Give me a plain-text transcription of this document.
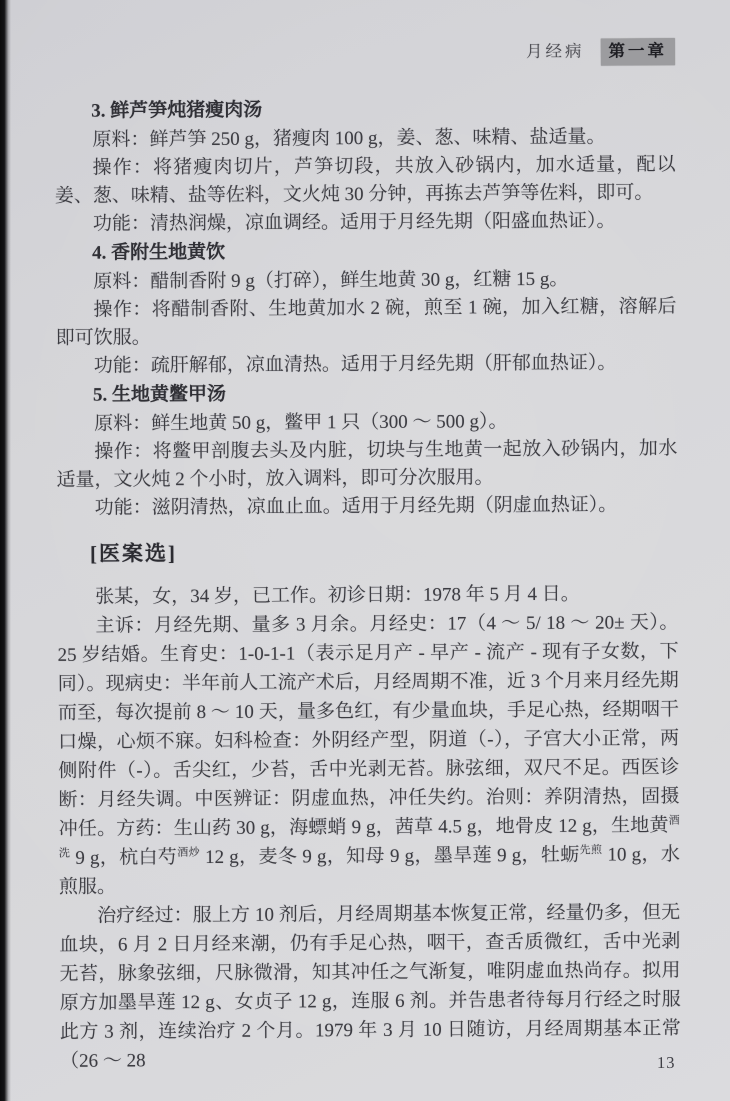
月经病 第一章
3. 鲜芦笋炖猪瘦肉汤

原料：鲜芦笋 250 g，猪瘦肉 100 g，姜、葱、味精、盐适量。

操作：将猪瘦肉切片，芦笋切段，共放入砂锅内，加水适量，配以姜、葱、味精、盐等佐料，文火炖 30 分钟，再拣去芦笋等佐料，即可。

功能：清热润燥，凉血调经。适用于月经先期（阳盛血热证）。

4. 香附生地黄饮

原料：醋制香附 9 g（打碎），鲜生地黄 30 g，红糖 15 g。

操作：将醋制香附、生地黄加水 2 碗，煎至 1 碗，加入红糖，溶解后即可饮服。

功能：疏肝解郁，凉血清热。适用于月经先期（肝郁血热证）。

5. 生地黄鳖甲汤

原料：鲜生地黄 50 g，鳖甲 1 只（300 ～ 500 g）。

操作：将鳖甲剖腹去头及内脏，切块与生地黄一起放入砂锅内，加水适量，文火炖 2 个小时，放入调料，即可分次服用。

功能：滋阴清热，凉血止血。适用于月经先期（阴虚血热证）。

[医案选]

张某，女，34 岁，已工作。初诊日期：1978 年 5 月 4 日。

主诉：月经先期、量多 3 月余。月经史：17（4 ～ 5/ 18 ～ 20± 天）。25 岁结婚。生育史：1-0-1-1（表示足月产 - 早产 - 流产 - 现有子女数，下同）。现病史：半年前人工流产术后，月经周期不准，近 3 个月来月经先期而至，每次提前 8 ～ 10 天，量多色红，有少量血块，手足心热，经期咽干口燥，心烦不寐。妇科检查：外阴经产型，阴道（-），子宫大小正常，两侧附件（-）。舌尖红，少苔，舌中光剥无苔。脉弦细，双尺不足。西医诊断：月经失调。中医辨证：阴虚血热，冲任失约。治则：养阴清热，固摄冲任。方药：生山药 30 g，海螵蛸 9 g，茜草 4.5 g，地骨皮 12 g，生地黄$^{酒洗}$ 9 g，杭白芍$^{酒炒}$ 12 g，麦冬 9 g，知母 9 g，墨旱莲 9 g，牡蛎$^{先煎}$ 10 g，水煎服。

治疗经过：服上方 10 剂后，月经周期基本恢复正常，经量仍多，但无血块，6 月 2 日月经来潮，仍有手足心热，咽干，查舌质微红，舌中光剥无苔，脉象弦细，尺脉微滑，知其冲任之气渐复，唯阴虚血热尚存。拟用原方加墨旱莲 12 g、女贞子 12 g，连服 6 剂。并告患者待每月行经之时服此方 3 剂，连续治疗 2 个月。1979 年 3 月 10 日随访，月经周期基本正常（26 ～ 28	13
